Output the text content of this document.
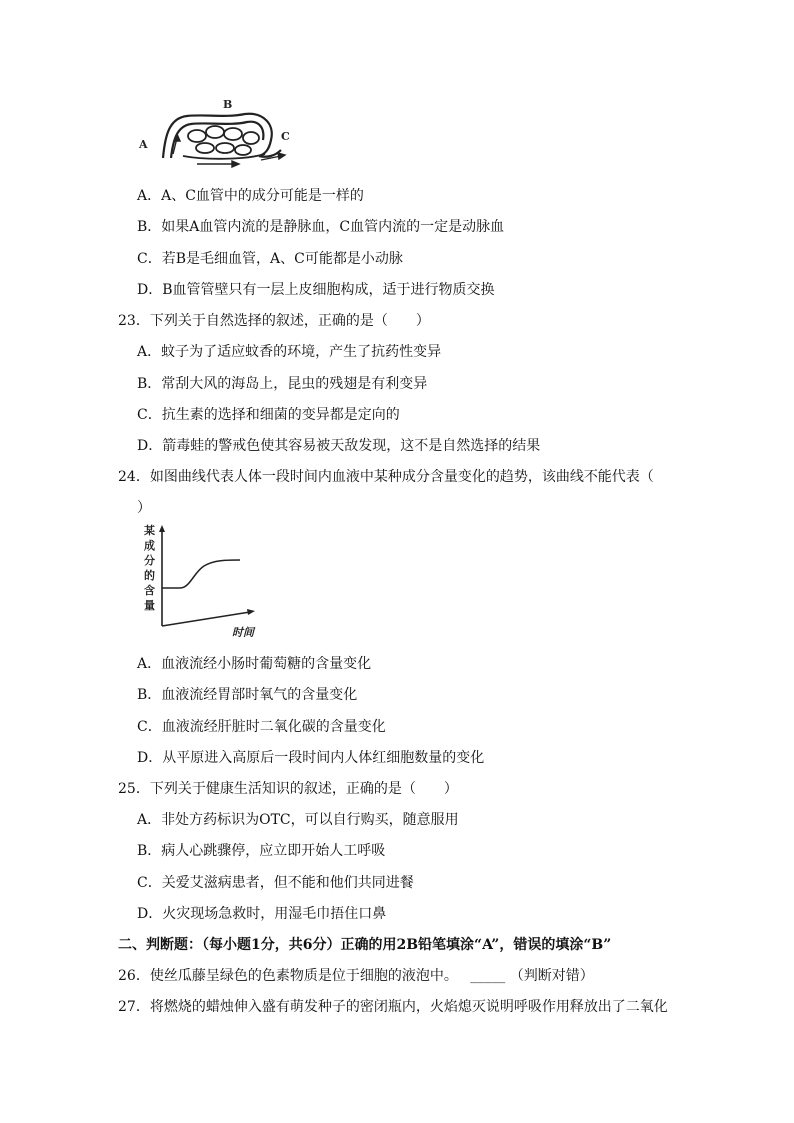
A
B
C
A．A、C血管中的成分可能是一样的
B．如果A血管内流的是静脉血，C血管内流的一定是动脉血
C．若B是毛细血管，A、C可能都是小动脉
D．B血管管壁只有一层上皮细胞构成，适于进行物质交换
23．下列关于自然选择的叙述，正确的是（　　）
A．蚊子为了适应蚊香的环境，产生了抗药性变异
B．常刮大风的海岛上，昆虫的残翅是有利变异
C．抗生素的选择和细菌的变异都是定向的
D．箭毒蛙的警戒色使其容易被天敌发现，这不是自然选择的结果
24．如图曲线代表人体一段时间内血液中某种成分含量变化的趋势，该曲线不能代表（
）
某
成
分
的
含
量
时间
A．血液流经小肠时葡萄糖的含量变化
B．血液流经胃部时氧气的含量变化
C．血液流经肝脏时二氧化碳的含量变化
D．从平原进入高原后一段时间内人体红细胞数量的变化
25．下列关于健康生活知识的叙述，正确的是（　　）
A．非处方药标识为OTC，可以自行购买，随意服用
B．病人心跳骤停，应立即开始人工呼吸
C．关爱艾滋病患者，但不能和他们共同进餐
D．火灾现场急救时，用湿毛巾捂住口鼻
二、判断题：（每小题1分，共6分）正确的用2B铅笔填涂“A”，错误的填涂“B”
26．使丝瓜藤呈绿色的色素物质是位于细胞的液泡中。 _____ （判断对错）
27．将燃烧的蜡烛伸入盛有萌发种子的密闭瓶内，火焰熄灭说明呼吸作用释放出了二氧化
